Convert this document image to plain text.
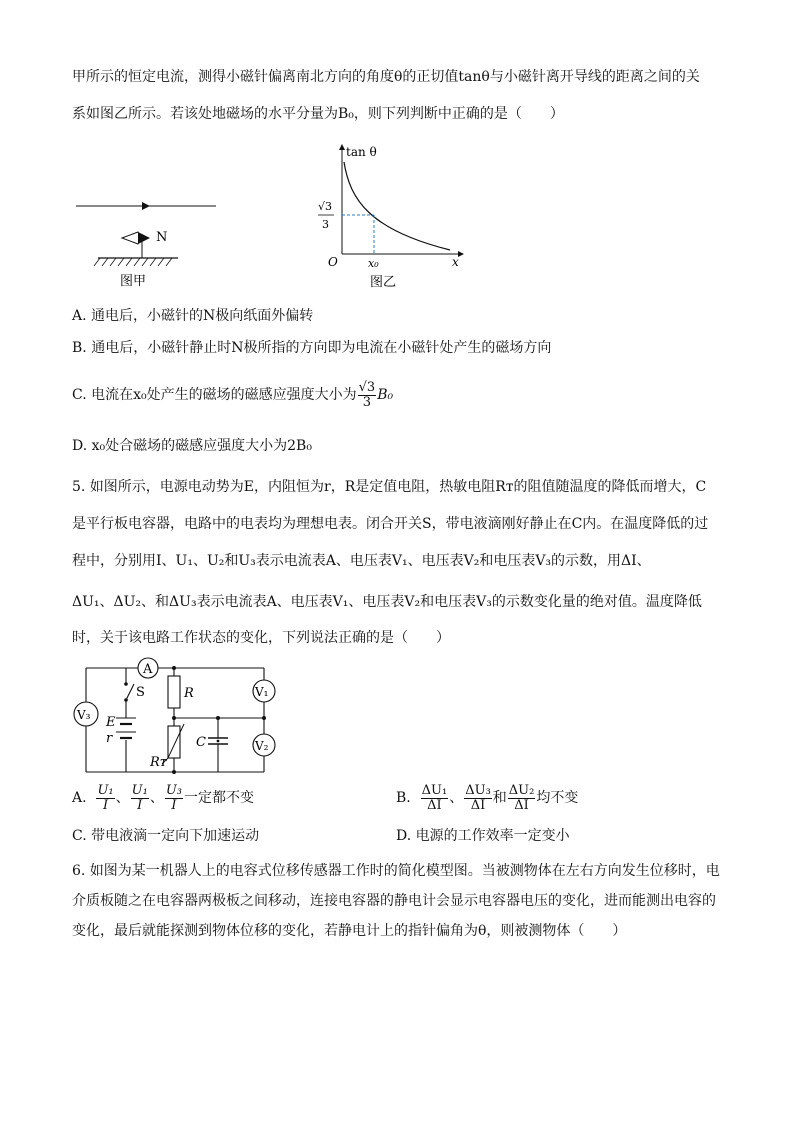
甲所示的恒定电流，测得小磁针偏离南北方向的角度θ的正切值tanθ与小磁针离开导线的距离之间的关
系如图乙所示。若该处地磁场的水平分量为B₀，则下列判断中正确的是（　　）
N
图甲
tan θ
√3
3
O	x₀	x
图乙
A. 通电后，小磁针的N极向纸面外偏转
B. 通电后，小磁针静止时N极所指的方向即为电流在小磁针处产生的磁场方向
C. 电流在x₀处产生的磁场的磁感应强度大小为 $\frac{√3}{3} B_0$
D. x₀处合磁场的磁感应强度大小为2B₀
5. 如图所示，电源电动势为E，内阻恒为r，R是定值电阻，热敏电阻Rᴛ的阻值随温度的降低而增大，C
是平行板电容器，电路中的电表均为理想电表。闭合开关S，带电液滴刚好静止在C内。在温度降低的过
程中，分别用I、U₁、U₂和U₃表示电流表A、电压表V₁、电压表V₂和电压表V₃的示数，用ΔI、
ΔU₁、ΔU₂、和ΔU₃表示电流表A、电压表V₁、电压表V₂和电压表V₃的示数变化量的绝对值。温度降低
时，关于该电路工作状态的变化，下列说法正确的是（　　）
A
S
E
r
R
Rᴛ
C
V₁
V₂
V₃
A. $\frac{\text{U₁}}{I}$ 、 $\frac{\text{U₁}}{I}$ 、 $\frac{\text{U₃}}{I}$ 一定都不变	B. $\frac{\text{ΔU₁}}{\Delta I}$ 、 $\frac{\text{ΔU₃}}{\Delta I}$ 和 $\frac{\text{ΔU₂}}{\Delta I}$ 均不变
C. 带电液滴一定向下加速运动	D. 电源的工作效率一定变小
6. 如图为某一机器人上的电容式位移传感器工作时的简化模型图。当被测物体在左右方向发生位移时，电
介质板随之在电容器两极板之间移动，连接电容器的静电计会显示电容器电压的变化，进而能测出电容的
变化，最后就能探测到物体位移的变化，若静电计上的指针偏角为θ，则被测物体（　　）
